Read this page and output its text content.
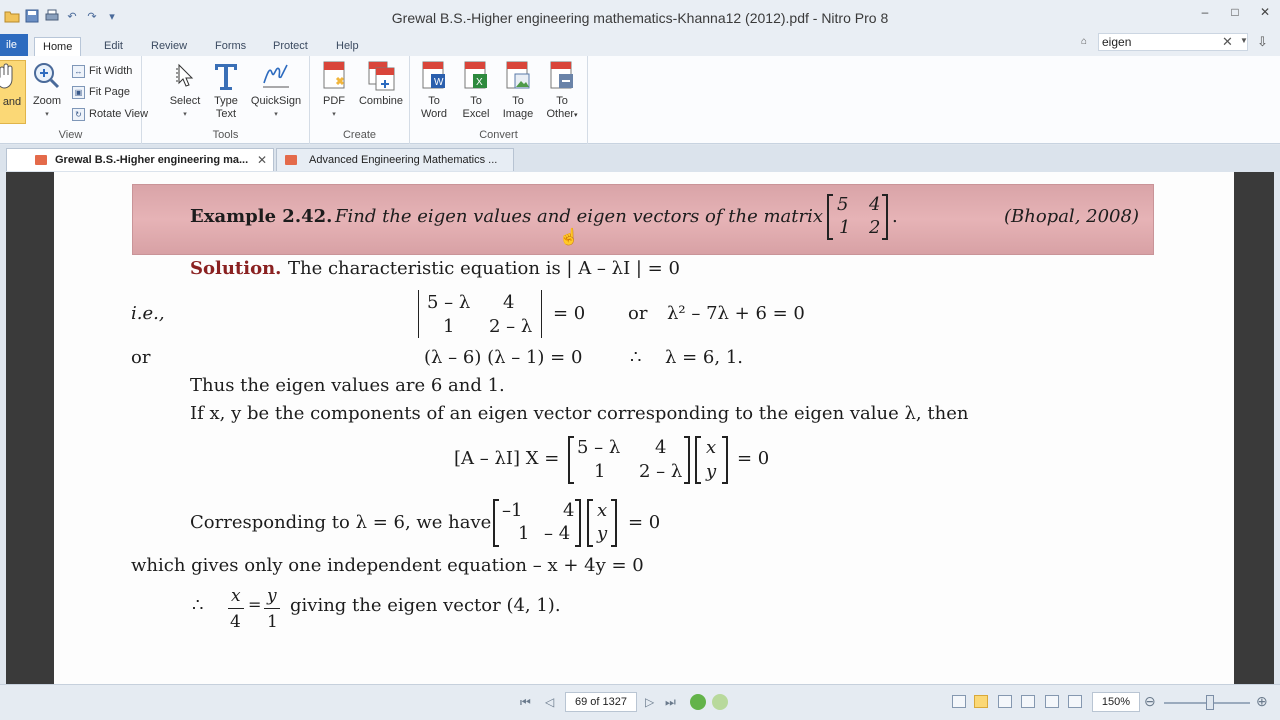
↶ ↷	▾	Grewal B.S.-Higher engineering mathematics-Khanna12 (2012).pdf - Nitro Pro 8	–	□	✕
ile	Home	Edit	Review	Forms	Protect	Help	⌂	eigen	✕ ▼ ⇩
and	Zoom
▾
↔ Fit Width
▣ Fit Page
↻ Rotate View
View
Select
▾
Type
Text
QuickSign
▾
Tools
PDF
▾
Combine
Create
W
To
Word
X
To
Excel
To
Image
To
Other▾
Convert
Grewal B.S.-Higher engineering ma... ✕	Advanced Engineering Mathematics ...
Example 2.42. Find the eigen values and eigen vectors of the matrix
5 4
1 2
.	(Bhopal, 2008)
☝
Solution. The characteristic equation is | A – λI | = 0
i.e.,
5 – λ 4
1 2 – λ
= 0 or λ² – 7λ + 6 = 0
or	(λ – 6) (λ – 1) = 0	∴ λ = 6, 1.
Thus the eigen values are 6 and 1.
If x, y be the components of an eigen vector corresponding to the eigen value λ, then
[A – λI] X =
5 – λ 4
1 2 – λ
x
y
= 0
Corresponding to λ = 6, we have
–1 4
1 – 4
x
y
= 0
which gives only one independent equation – x + 4y = 0
∴ x
4
= y
1
giving the eigen vector (4, 1).
⏮ ◁	69 of 1327	▷ ⏭	150% ⊖	⊕
